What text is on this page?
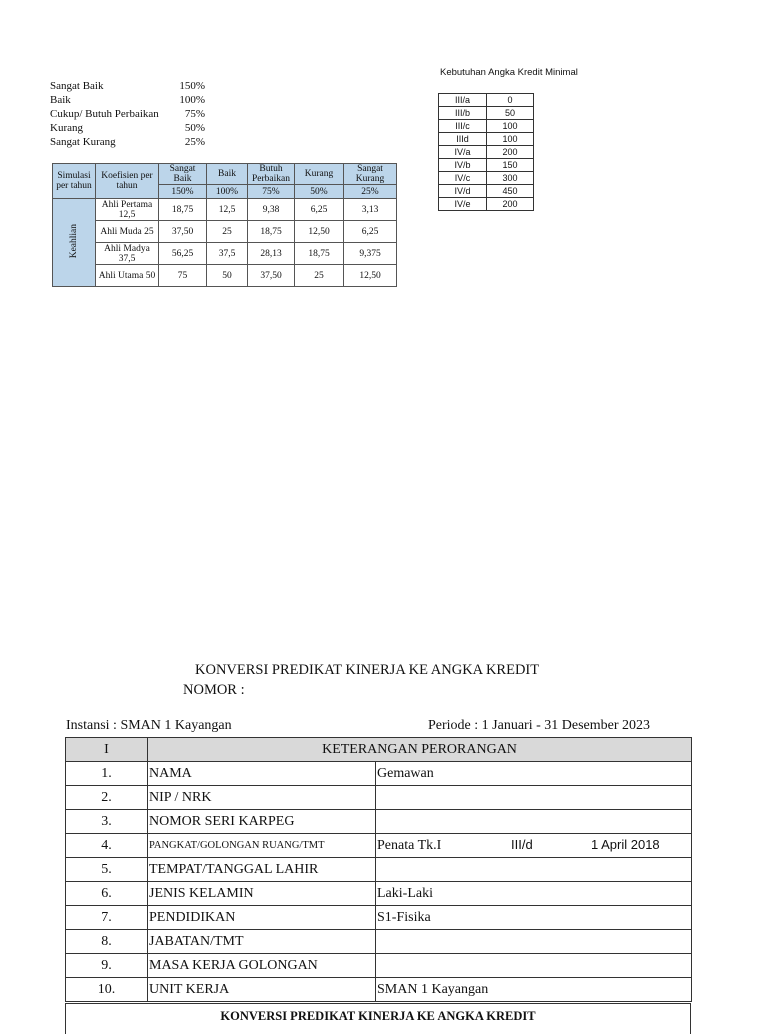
Sangat Baik	150%
Baik	100%
Cukup/ Butuh Perbaikan	75%
Kurang	50%
Sangat Kurang	25%
Simulasi per tahun	Koefisien per tahun	Sangat Baik	Baik	Butuh Perbaikan	Kurang	Sangat Kurang
		150%	100%	75%	50%	25%
Keahlian	Ahli Pertama 12,5	18,75	12,5	9,38	6,25	3,13
	Ahli Muda 25	37,50	25	18,75	12,50	6,25
	Ahli Madya 37,5	56,25	37,5	28,13	18,75	9,375
	Ahli Utama 50	75	50	37,50	25	12,50
Kebutuhan Angka Kredit Minimal
III/a	0
III/b	50
III/c	100
IIId	100
IV/a	200
IV/b	150
IV/c	300
IV/d	450
IV/e	200
KONVERSI PREDIKAT KINERJA KE ANGKA KREDIT
NOMOR :
Instansi : SMAN 1 Kayangan	Periode : 1 Januari - 31 Desember 2023
I	KETERANGAN PERORANGAN	
1.	NAMA	Gemawan
2.	NIP / NRK	
3.	NOMOR SERI KARPEG	
4.	PANGKAT/GOLONGAN RUANG/TMT	Penata Tk.I III/d 1 April 2018
5.	TEMPAT/TANGGAL LAHIR	
6.	JENIS KELAMIN	Laki-Laki
7.	PENDIDIKAN	S1-Fisika
8.	JABATAN/TMT	
9.	MASA KERJA GOLONGAN	
10.	UNIT KERJA	SMAN 1 Kayangan
KONVERSI PREDIKAT KINERJA KE ANGKA KREDIT
